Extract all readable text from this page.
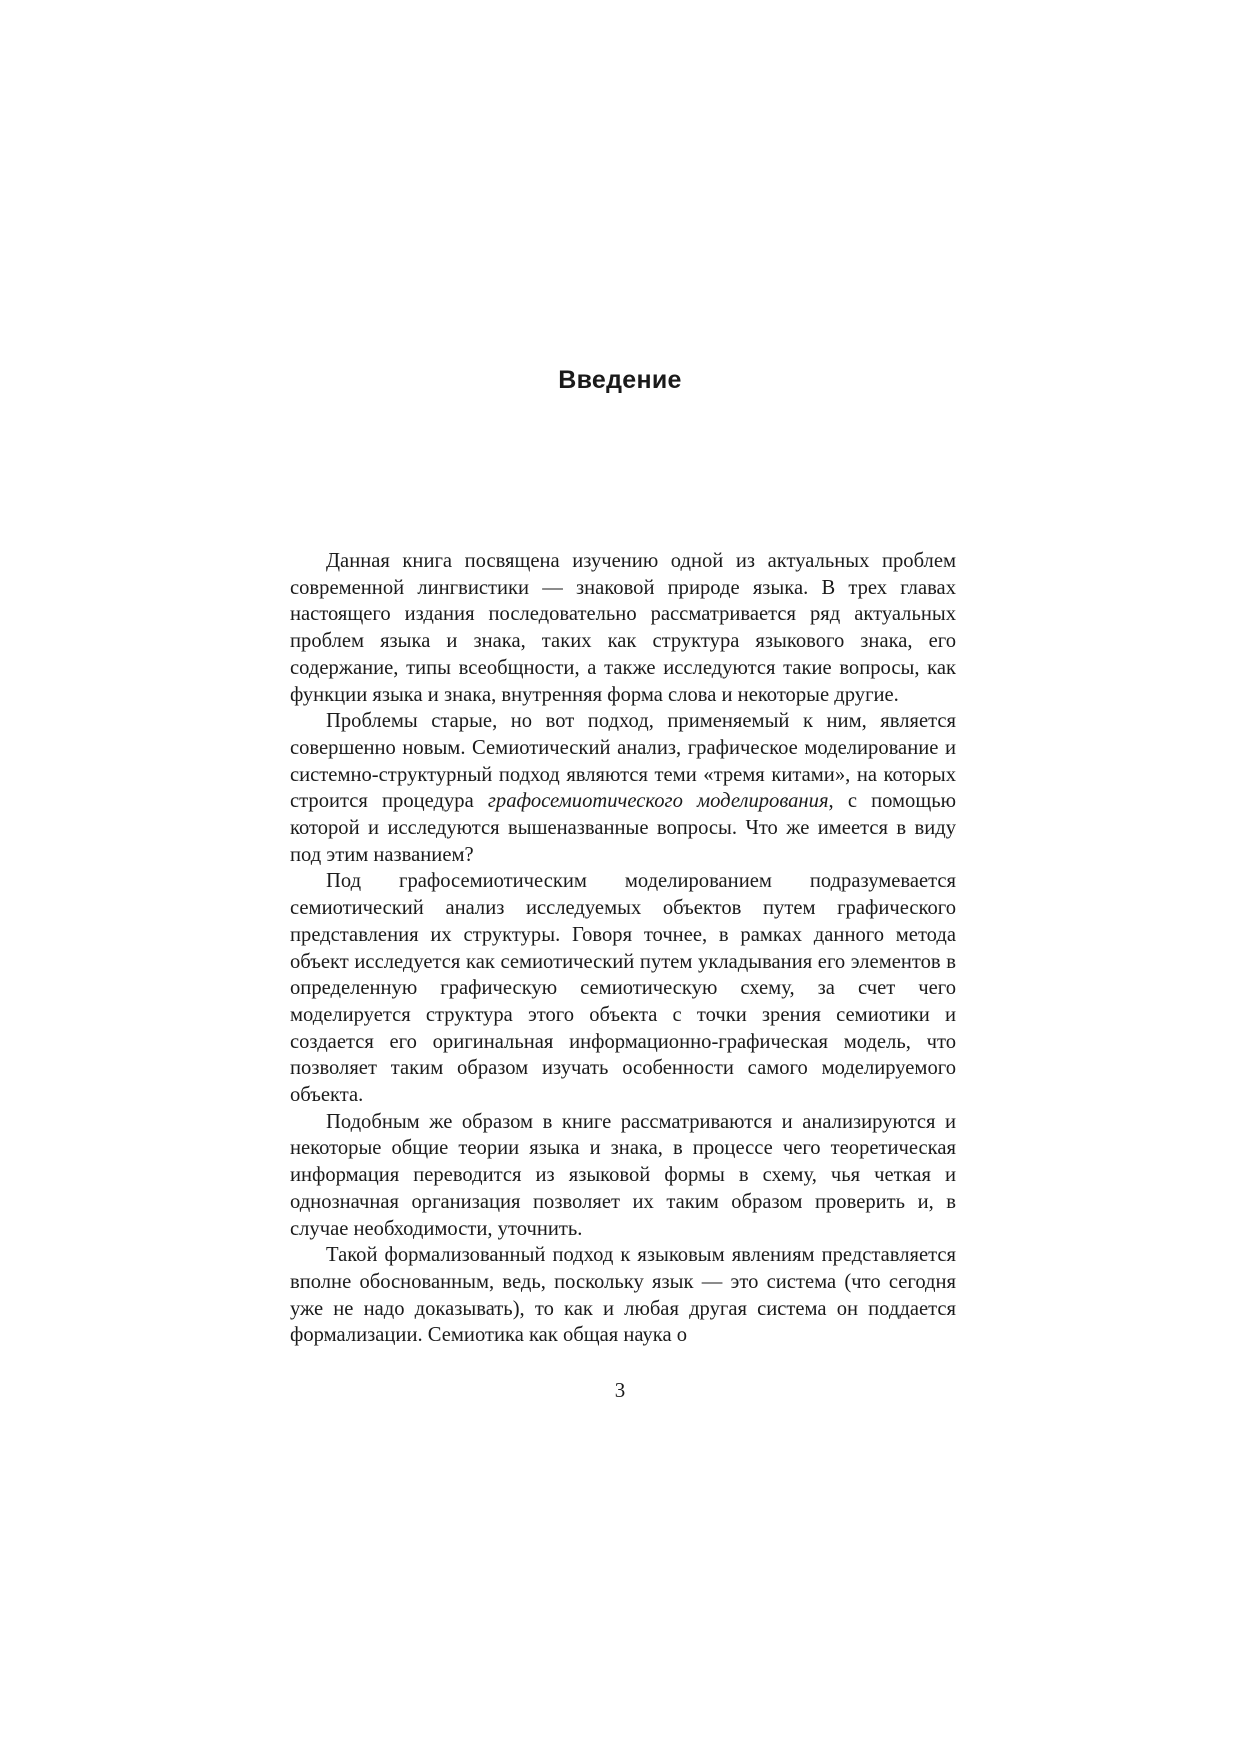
Введение

Данная книга посвящена изучению одной из актуальных проблем современной лингвистики — знаковой природе языка. В трех главах настоящего издания последовательно рассматривается ряд актуальных проблем языка и знака, таких как структура языкового знака, его содержание, типы всеобщности, а также исследуются такие вопросы, как функции языка и знака, внутренняя форма слова и некоторые другие.

Проблемы старые, но вот подход, применяемый к ним, является совершенно новым. Семиотический анализ, графическое моделирование и системно-структурный подход являются теми «тремя китами», на которых строится процедура графосемиотического моделирования, с помощью которой и исследуются вышеназванные вопросы. Что же имеется в виду под этим названием?

Под графосемиотическим моделированием подразумевается семиотический анализ исследуемых объектов путем графического представления их структуры. Говоря точнее, в рамках данного метода объект исследуется как семиотический путем укладывания его элементов в определенную графическую семиотическую схему, за счет чего моделируется структура этого объекта с точки зрения семиотики и создается его оригинальная информационно-графическая модель, что позволяет таким образом изучать особенности самого моделируемого объекта.

Подобным же образом в книге рассматриваются и анализируются и некоторые общие теории языка и знака, в процессе чего теоретическая информация переводится из языковой формы в схему, чья четкая и однозначная организация позволяет их таким образом проверить и, в случае необходимости, уточнить.

Такой формализованный подход к языковым явлениям представляется вполне обоснованным, ведь, поскольку язык — это система (что сегодня уже не надо доказывать), то как и любая другая система он поддается формализации. Семиотика как общая наука о

3
